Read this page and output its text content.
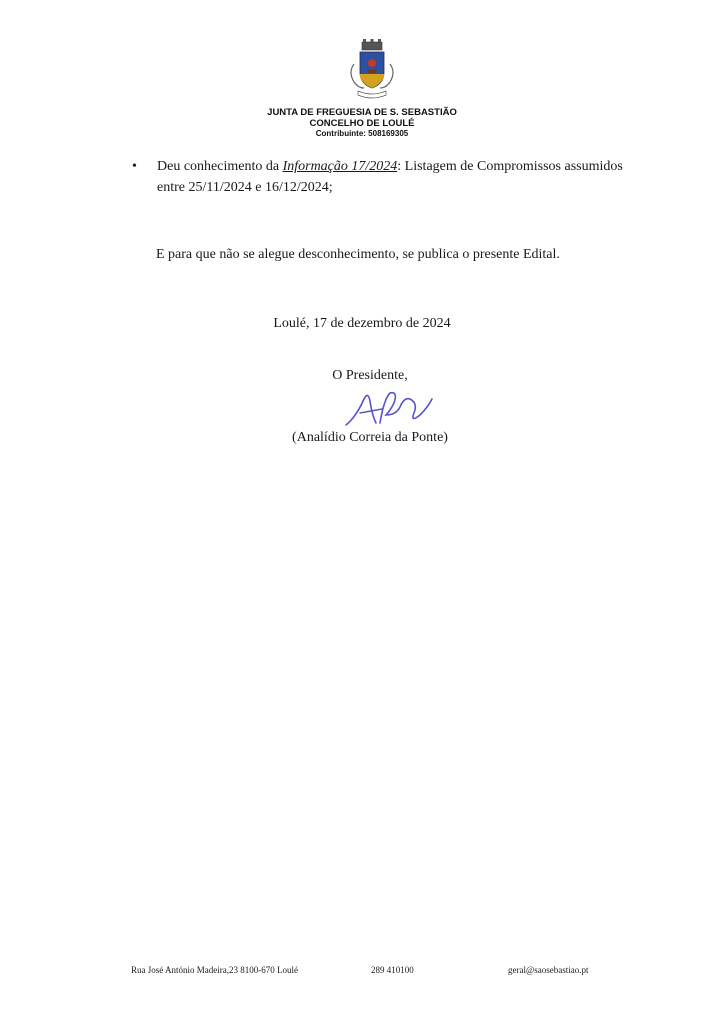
JUNTA DE FREGUESIA DE S. SEBASTIÃO
CONCELHO DE LOULÉ
Contribuinte: 508169305
•	Deu conhecimento da Informação 17/2024: Listagem de Compromissos assumidos entre 25/11/2024 e 16/12/2024;
E para que não se alegue desconhecimento, se publica o presente Edital.
Loulé, 17 de dezembro de 2024
O Presidente,
(Analídio Correia da Ponte)
Rua José António Madeira,23 8100-670 Loulé	289 410100	geral@saosebastiao.pt
